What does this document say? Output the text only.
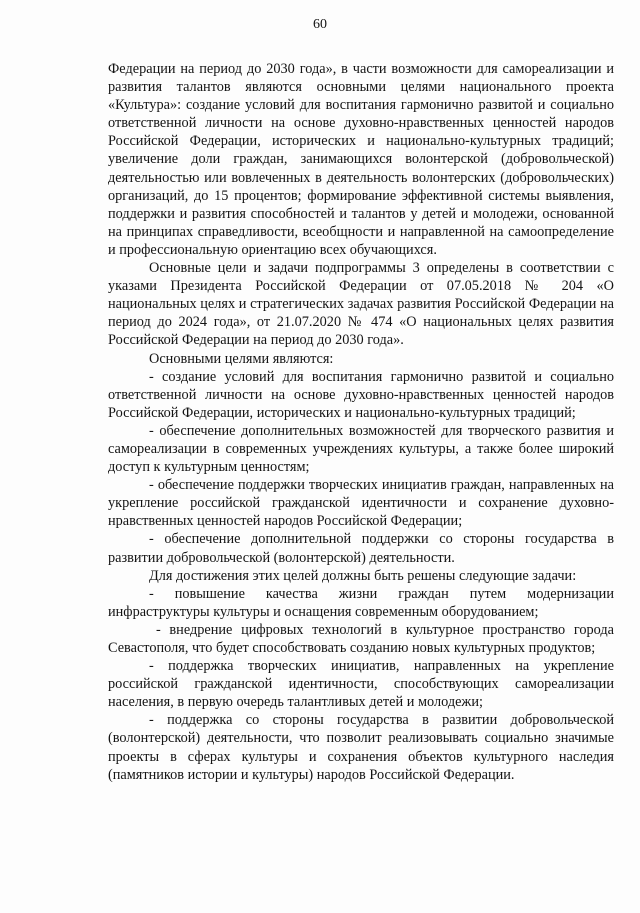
60

Федерации на период до 2030 года», в части возможности для самореализации и развития талантов являются основными целями национального проекта «Культура»: создание условий для воспитания гармонично развитой и социально ответственной личности на основе духовно-нравственных ценностей народов Российской Федерации, исторических и национально-культурных традиций; увеличение доли граждан, занимающихся волонтерской (добровольческой) деятельностью или вовлеченных в деятельность волонтерских (добровольческих) организаций, до 15 процентов; формирование эффективной системы выявления, поддержки и развития способностей и талантов у детей и молодежи, основанной на принципах справедливости, всеобщности и направленной на самоопределение и профессиональную ориентацию всех обучающихся.

Основные цели и задачи подпрограммы 3 определены в соответствии с указами Президента Российской Федерации от 07.05.2018 № 204 «О национальных целях и стратегических задачах развития Российской Федерации на период до 2024 года», от 21.07.2020 № 474 «О национальных целях развития Российской Федерации на период до 2030 года».

Основными целями являются:

- создание условий для воспитания гармонично развитой и социально ответственной личности на основе духовно-нравственных ценностей народов Российской Федерации, исторических и национально-культурных традиций;

- обеспечение дополнительных возможностей для творческого развития и самореализации в современных учреждениях культуры, а также более широкий доступ к культурным ценностям;

- обеспечение поддержки творческих инициатив граждан, направленных на укрепление российской гражданской идентичности и сохранение духовно-нравственных ценностей народов Российской Федерации;

- обеспечение дополнительной поддержки со стороны государства в развитии добровольческой (волонтерской) деятельности.

Для достижения этих целей должны быть решены следующие задачи:

- повышение качества жизни граждан путем модернизации инфраструктуры культуры и оснащения современным оборудованием;

- внедрение цифровых технологий в культурное пространство города Севастополя, что будет способствовать созданию новых культурных продуктов;

- поддержка творческих инициатив, направленных на укрепление российской гражданской идентичности, способствующих самореализации населения, в первую очередь талантливых детей и молодежи;

- поддержка со стороны государства в развитии добровольческой (волонтерской) деятельности, что позволит реализовывать социально значимые проекты в сферах культуры и сохранения объектов культурного наследия (памятников истории и культуры) народов Российской Федерации.
